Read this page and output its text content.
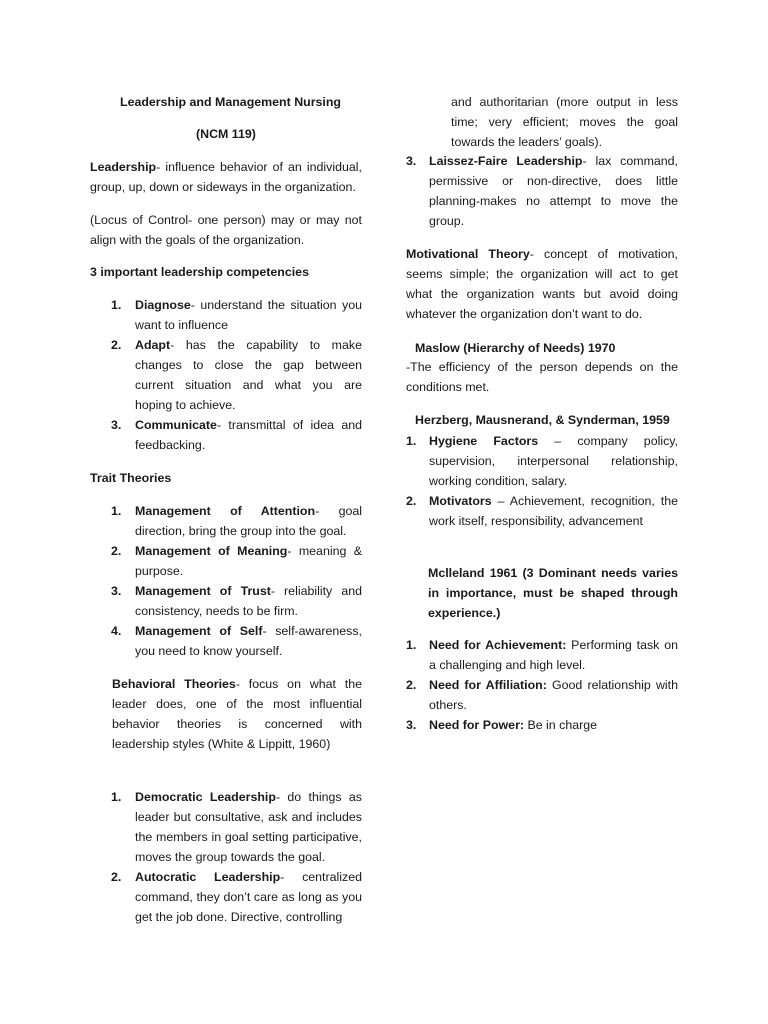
Leadership and Management Nursing

(NCM 119)

Leadership- influence behavior of an individual, group, up, down or sideways in the organization.

(Locus of Control- one person) may or may not align with the goals of the organization.

3 important leadership competencies

1. Diagnose- understand the situation you want to influence
2. Adapt- has the capability to make changes to close the gap between current situation and what you are hoping to achieve.
3. Communicate- transmittal of idea and feedbacking.

Trait Theories

1. Management of Attention- goal direction, bring the group into the goal.
2. Management of Meaning- meaning & purpose.
3. Management of Trust- reliability and consistency, needs to be firm.
4. Management of Self- self-awareness, you need to know yourself.

Behavioral Theories- focus on what the leader does, one of the most influential behavior theories is concerned with leadership styles (White & Lippitt, 1960)

1. Democratic Leadership- do things as leader but consultative, ask and includes the members in goal setting participative, moves the group towards the goal.
2. Autocratic Leadership- centralized command, they don’t care as long as you get the job done. Directive, controlling

and authoritarian (more output in less time; very efficient; moves the goal towards the leaders’ goals).

3. Laissez-Faire Leadership- lax command, permissive or non-directive, does little planning-makes no attempt to move the group.

Motivational Theory- concept of motivation, seems simple; the organization will act to get what the organization wants but avoid doing whatever the organization don’t want to do.

Maslow (Hierarchy of Needs) 1970

-The efficiency of the person depends on the conditions met.

Herzberg, Mausnerand, & Synderman, 1959

1. Hygiene Factors – company policy, supervision, interpersonal relationship, working condition, salary.
2. Motivators – Achievement, recognition, the work itself, responsibility, advancement

Mclleland 1961 (3 Dominant needs varies in importance, must be shaped through experience.)

1. Need for Achievement: Performing task on a challenging and high level.
2. Need for Affiliation: Good relationship with others.
3. Need for Power: Be in charge
